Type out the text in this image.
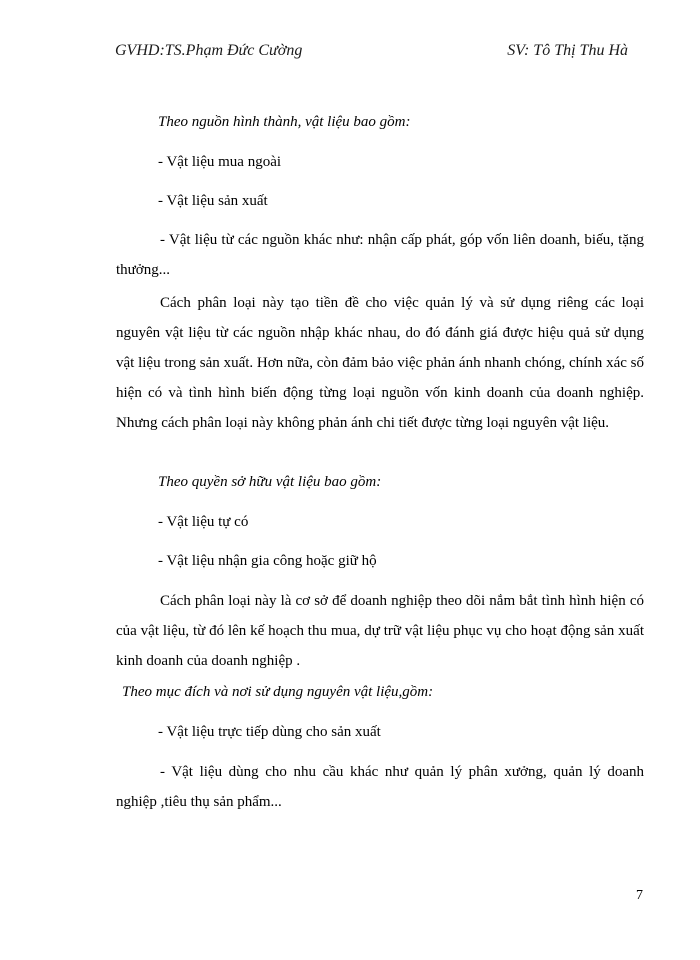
GVHD:TS.Phạm Đức Cường	SV: Tô Thị Thu Hà
Theo nguồn hình thành, vật liệu bao gồm:
- Vật liệu mua ngoài
- Vật liệu sản xuất
- Vật liệu từ các nguồn khác như: nhận cấp phát, góp vốn liên doanh, biếu, tặng thưởng...
Cách phân loại này tạo tiền đề cho việc quản lý và sử dụng riêng các loại nguyên vật liệu từ các nguồn nhập khác nhau, do đó đánh giá được hiệu quả sử dụng vật liệu trong sản xuất. Hơn nữa, còn đảm bảo việc phản ánh nhanh chóng, chính xác số hiện có và tình hình biến động từng loại nguồn vốn kinh doanh của doanh nghiệp. Nhưng cách phân loại này không phản ánh chi tiết được từng loại nguyên vật liệu.
Theo quyền sở hữu vật liệu bao gồm:
- Vật liệu tự có
- Vật liệu nhận gia công hoặc giữ hộ
Cách phân loại này là cơ sở để doanh nghiệp theo dõi nắm bắt tình hình hiện có của vật liệu, từ đó lên kế hoạch thu mua, dự trữ vật liệu phục vụ cho hoạt động sản xuất kinh doanh của doanh nghiệp .
Theo mục đích và nơi sử dụng nguyên vật liệu,gồm:
- Vật liệu trực tiếp dùng cho sản xuất
- Vật liệu dùng cho nhu cầu khác như quản lý phân xưởng, quản lý doanh nghiệp ,tiêu thụ sản phẩm...
7
